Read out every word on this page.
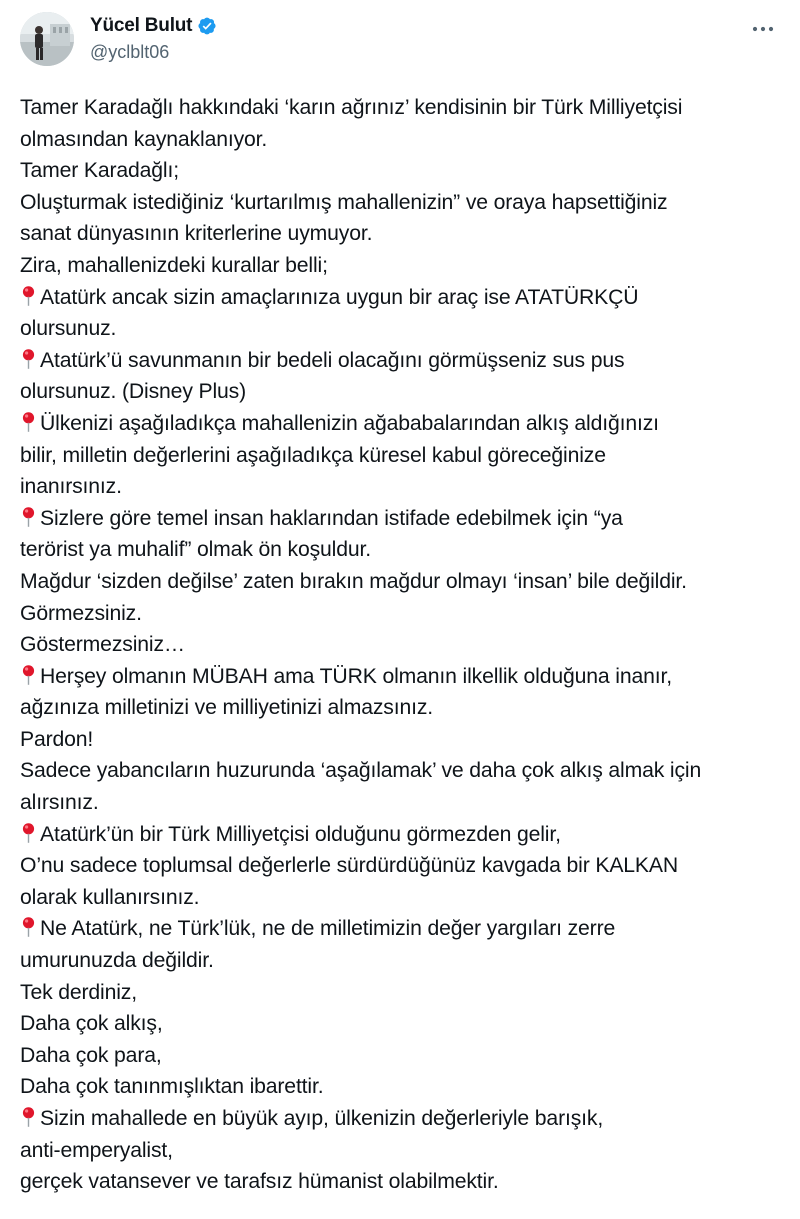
Yücel Bulut
@yclblt06
Tamer Karadağlı hakkındaki ‘karın ağrınız’ kendisinin bir Türk Milliyetçisi
olmasından kaynaklanıyor.
Tamer Karadağlı;
Oluşturmak istediğiniz ‘kurtarılmış mahallenizin” ve oraya hapsettiğiniz
sanat dünyasının kriterlerine uymuyor.
Zira, mahallenizdeki kurallar belli;
Atatürk ancak sizin amaçlarınıza uygun bir araç ise ATATÜRKÇÜ
olursunuz.
Atatürk’ü savunmanın bir bedeli olacağını görmüşseniz sus pus
olursunuz. (Disney Plus)
Ülkenizi aşağıladıkça mahallenizin ağababalarından alkış aldığınızı
bilir, milletin değerlerini aşağıladıkça küresel kabul göreceğinize
inanırsınız.
Sizlere göre temel insan haklarından istifade edebilmek için “ya
terörist ya muhalif” olmak ön koşuldur.
Mağdur ‘sizden değilse’ zaten bırakın mağdur olmayı ‘insan’ bile değildir.
Görmezsiniz.
Göstermezsiniz…
Herşey olmanın MÜBAH ama TÜRK olmanın ilkellik olduğuna inanır,
ağzınıza milletinizi ve milliyetinizi almazsınız.
Pardon!
Sadece yabancıların huzurunda ‘aşağılamak’ ve daha çok alkış almak için
alırsınız.
Atatürk’ün bir Türk Milliyetçisi olduğunu görmezden gelir,
O’nu sadece toplumsal değerlerle sürdürdüğünüz kavgada bir KALKAN
olarak kullanırsınız.
Ne Atatürk, ne Türk’lük, ne de milletimizin değer yargıları zerre
umurunuzda değildir.
Tek derdiniz,
Daha çok alkış,
Daha çok para,
Daha çok tanınmışlıktan ibarettir.
Sizin mahallede en büyük ayıp, ülkenizin değerleriyle barışık,
anti-emperyalist,
gerçek vatansever ve tarafsız hümanist olabilmektir.
